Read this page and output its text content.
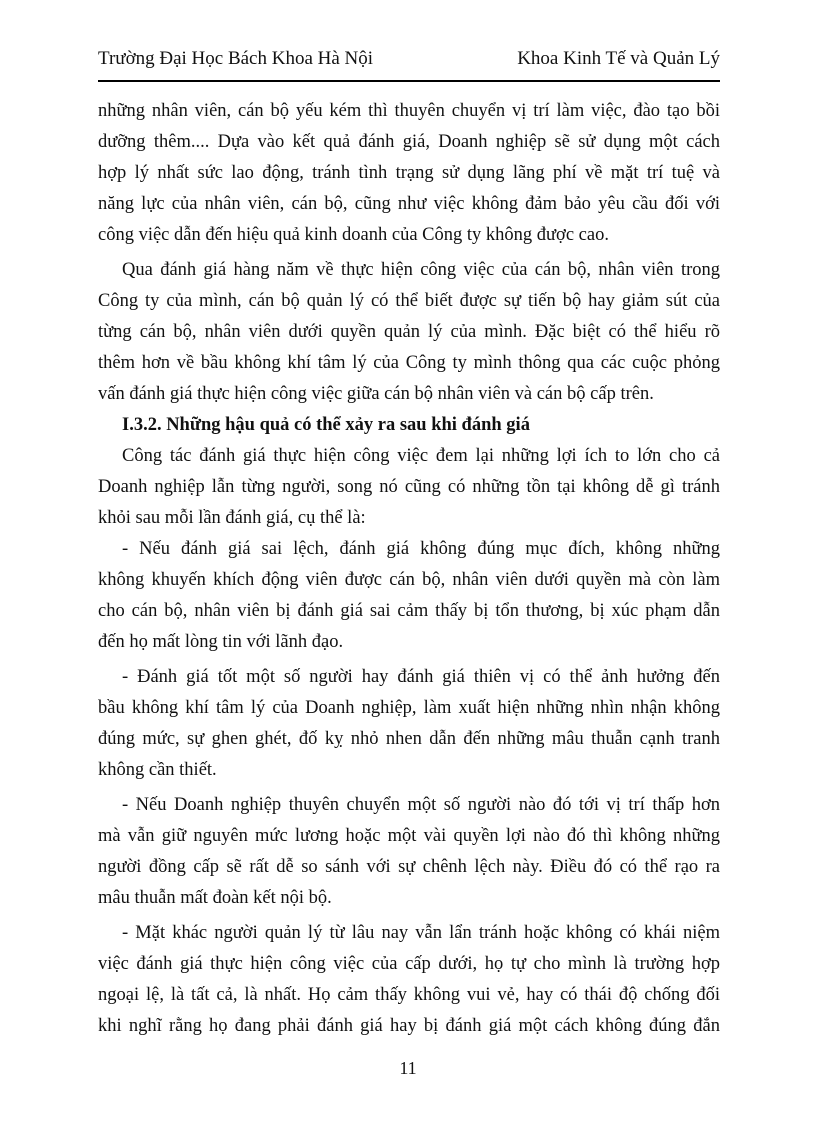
Trường Đại Học Bách Khoa Hà Nội	Khoa Kinh Tế và Quản Lý
những nhân viên, cán bộ yếu kém thì thuyên chuyển vị trí làm việc, đào tạo bồi
dưỡng thêm.... Dựa vào kết quả đánh giá, Doanh nghiệp sẽ sử dụng một cách
hợp lý nhất sức lao động, tránh tình trạng sử dụng lãng phí về mặt trí tuệ và
năng lực của nhân viên, cán bộ, cũng như việc không đảm bảo yêu cầu đối với
công việc dẫn đến hiệu quả kinh doanh của Công ty không được cao.
Qua đánh giá hàng năm về thực hiện công việc của cán bộ, nhân viên trong
Công ty của mình, cán bộ quản lý có thể biết được sự tiến bộ hay giảm sút của
từng cán bộ, nhân viên dưới quyền quản lý của mình. Đặc biệt có thể hiểu rõ
thêm hơn về bầu không khí tâm lý của Công ty mình thông qua các cuộc phỏng
vấn đánh giá thực hiện công việc giữa cán bộ nhân viên và cán bộ cấp trên.
I.3.2. Những hậu quả có thể xảy ra sau khi đánh giá
Công tác đánh giá thực hiện công việc đem lại những lợi ích to lớn cho cả
Doanh nghiệp lẫn từng người, song nó cũng có những tồn tại không dễ gì tránh
khỏi sau mỗi lần đánh giá, cụ thể là:
- Nếu đánh giá sai lệch, đánh giá không đúng mục đích, không những
không khuyến khích động viên được cán bộ, nhân viên dưới quyền mà còn làm
cho cán bộ, nhân viên bị đánh giá sai cảm thấy bị tổn thương, bị xúc phạm dẫn
đến họ mất lòng tin với lãnh đạo.
- Đánh giá tốt một số người hay đánh giá thiên vị có thể ảnh hưởng đến
bầu không khí tâm lý của Doanh nghiệp, làm xuất hiện những nhìn nhận không
đúng mức, sự ghen ghét, đố kỵ nhỏ nhen dẫn đến những mâu thuẫn cạnh tranh
không cần thiết.
- Nếu Doanh nghiệp thuyên chuyển một số người nào đó tới vị trí thấp hơn
mà vẫn giữ nguyên mức lương hoặc một vài quyền lợi nào đó thì không những
người đồng cấp sẽ rất dễ so sánh với sự chênh lệch này. Điều đó có thể rạo ra
mâu thuẫn mất đoàn kết nội bộ.
- Mặt khác người quản lý từ lâu nay vẫn lẩn tránh hoặc không có khái niệm
việc đánh giá thực hiện công việc của cấp dưới, họ tự cho mình là trường hợp
ngoại lệ, là tất cả, là nhất. Họ cảm thấy không vui vẻ, hay có thái độ chống đối
khi nghĩ rằng họ đang phải đánh giá hay bị đánh giá một cách không đúng đắn
11
